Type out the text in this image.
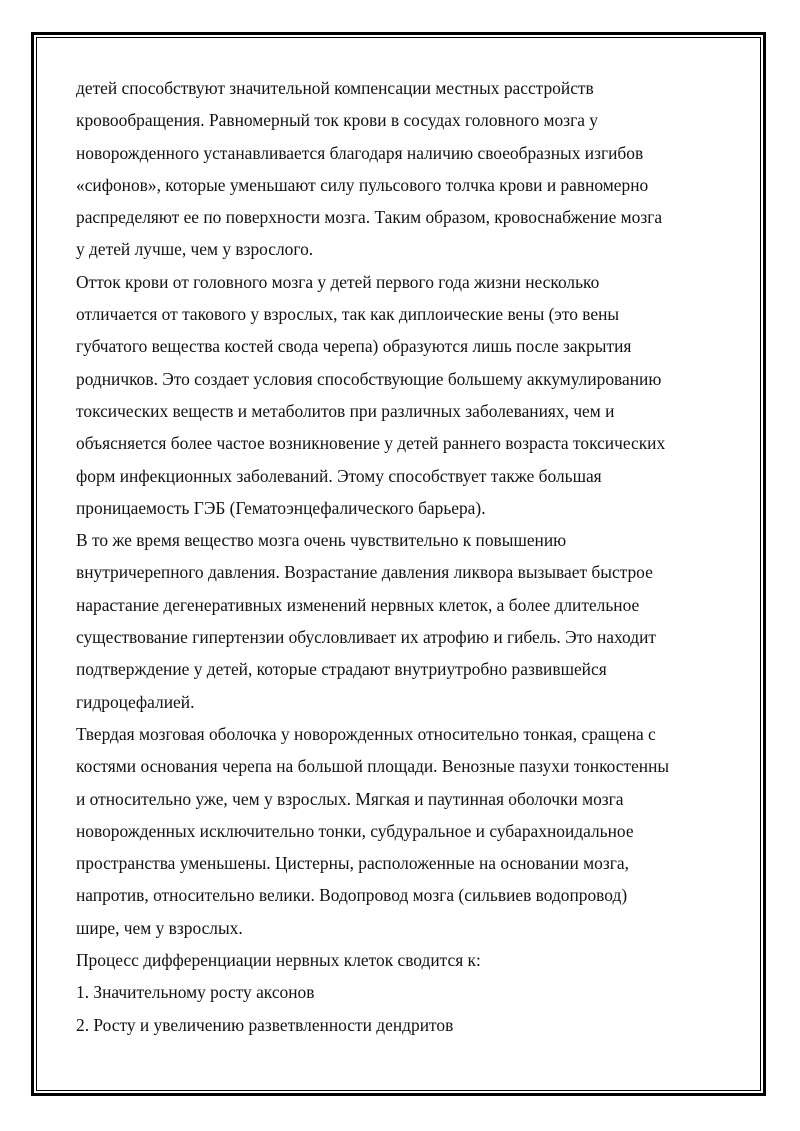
детей способствуют значительной компенсации местных расстройств
кровообращения. Равномерный ток крови в сосудах головного мозга у
новорожденного устанавливается благодаря наличию своеобразных изгибов
«сифонов», которые уменьшают силу пульсового толчка крови и равномерно
распределяют ее по поверхности мозга. Таким образом, кровоснабжение мозга
у детей лучше, чем у взрослого.
Отток крови от головного мозга у детей первого года жизни несколько
отличается от такового у взрослых, так как диплоические вены (это вены
губчатого вещества костей свода черепа) образуются лишь после закрытия
родничков. Это создает условия способствующие большему аккумулированию
токсических веществ и метаболитов при различных заболеваниях, чем и
объясняется более частое возникновение у детей раннего возраста токсических
форм инфекционных заболеваний. Этому способствует также большая
проницаемость ГЭБ (Гематоэнцефалического барьера).
В то же время вещество мозга очень чувствительно к повышению
внутричерепного давления. Возрастание давления ликвора вызывает быстрое
нарастание дегенеративных изменений нервных клеток, а более длительное
существование гипертензии обусловливает их атрофию и гибель. Это находит
подтверждение у детей, которые страдают внутриутробно развившейся
гидроцефалией.
Твердая мозговая оболочка у новорожденных относительно тонкая, сращена с
костями основания черепа на большой площади. Венозные пазухи тонкостенны
и относительно уже, чем у взрослых. Мягкая и паутинная оболочки мозга
новорожденных исключительно тонки, субдуральное и субарахноидальное
пространства уменьшены. Цистерны, расположенные на основании мозга,
напротив, относительно велики. Водопровод мозга (сильвиев водопровод)
шире, чем у взрослых.
Процесс дифференциации нервных клеток сводится к:
1. Значительному росту аксонов
2. Росту и увеличению разветвленности дендритов
